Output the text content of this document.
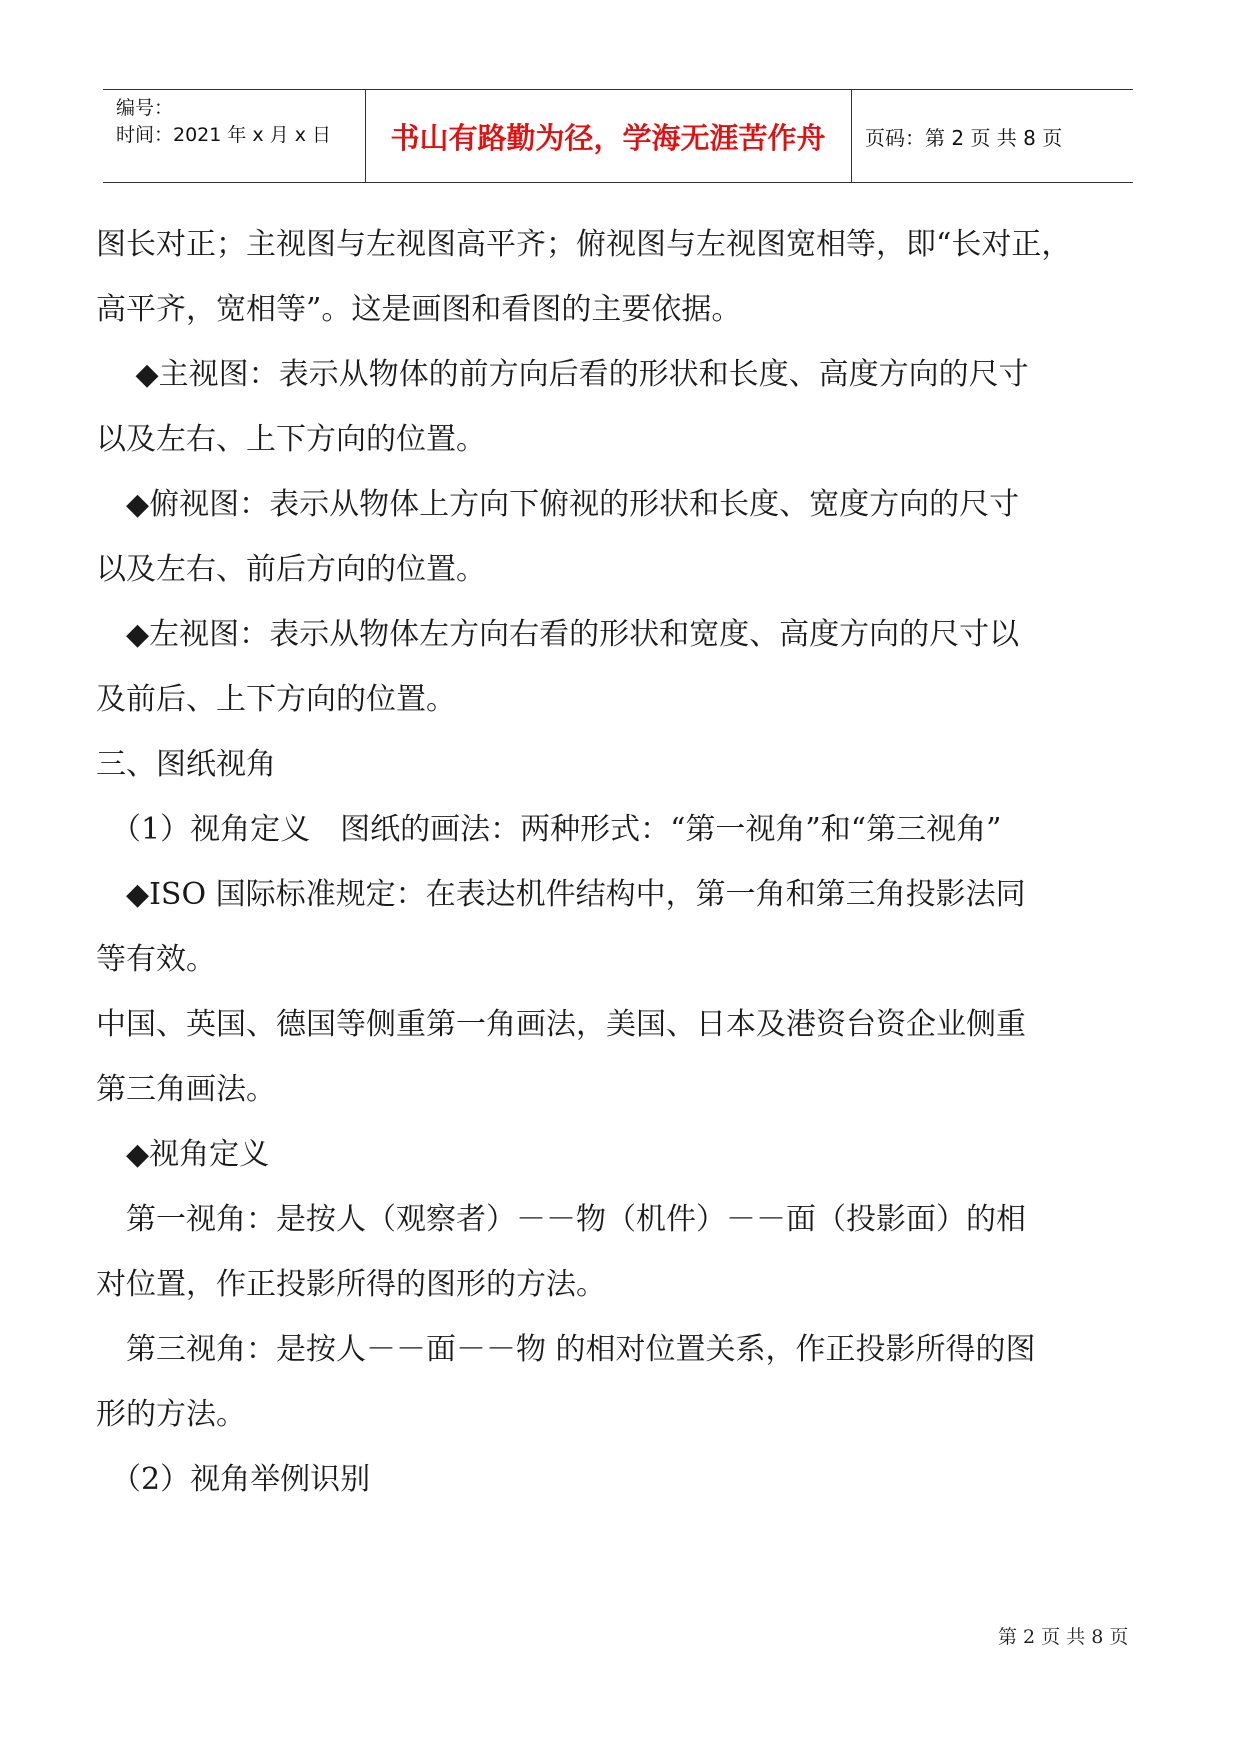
编号：
时间：2021 年 x 月 x 日	书山有路勤为径，学海无涯苦作舟	页码：第 2 页 共 8 页

图长对正；主视图与左视图高平齐；俯视图与左视图宽相等，即“长对正，

高平齐，宽相等”。这是画图和看图的主要依据。

　 ◆主视图：表示从物体的前方向后看的形状和长度、高度方向的尺寸

以及左右、上下方向的位置。

　◆俯视图：表示从物体上方向下俯视的形状和长度、宽度方向的尺寸

以及左右、前后方向的位置。

　◆左视图：表示从物体左方向右看的形状和宽度、高度方向的尺寸以

及前后、上下方向的位置。

三、图纸视角

　（1）视角定义　图纸的画法：两种形式：“第一视角”和“第三视角”

　◆ISO 国际标准规定：在表达机件结构中，第一角和第三角投影法同

等有效。

中国、英国、德国等侧重第一角画法，美国、日本及港资台资企业侧重

第三角画法。

　◆视角定义

　第一视角：是按人（观察者）－－物（机件）－－面（投影面）的相

对位置，作正投影所得的图形的方法。

　第三视角：是按人－－面－－物 的相对位置关系，作正投影所得的图

形的方法。

　（2）视角举例识别

第 2 页 共 8 页
